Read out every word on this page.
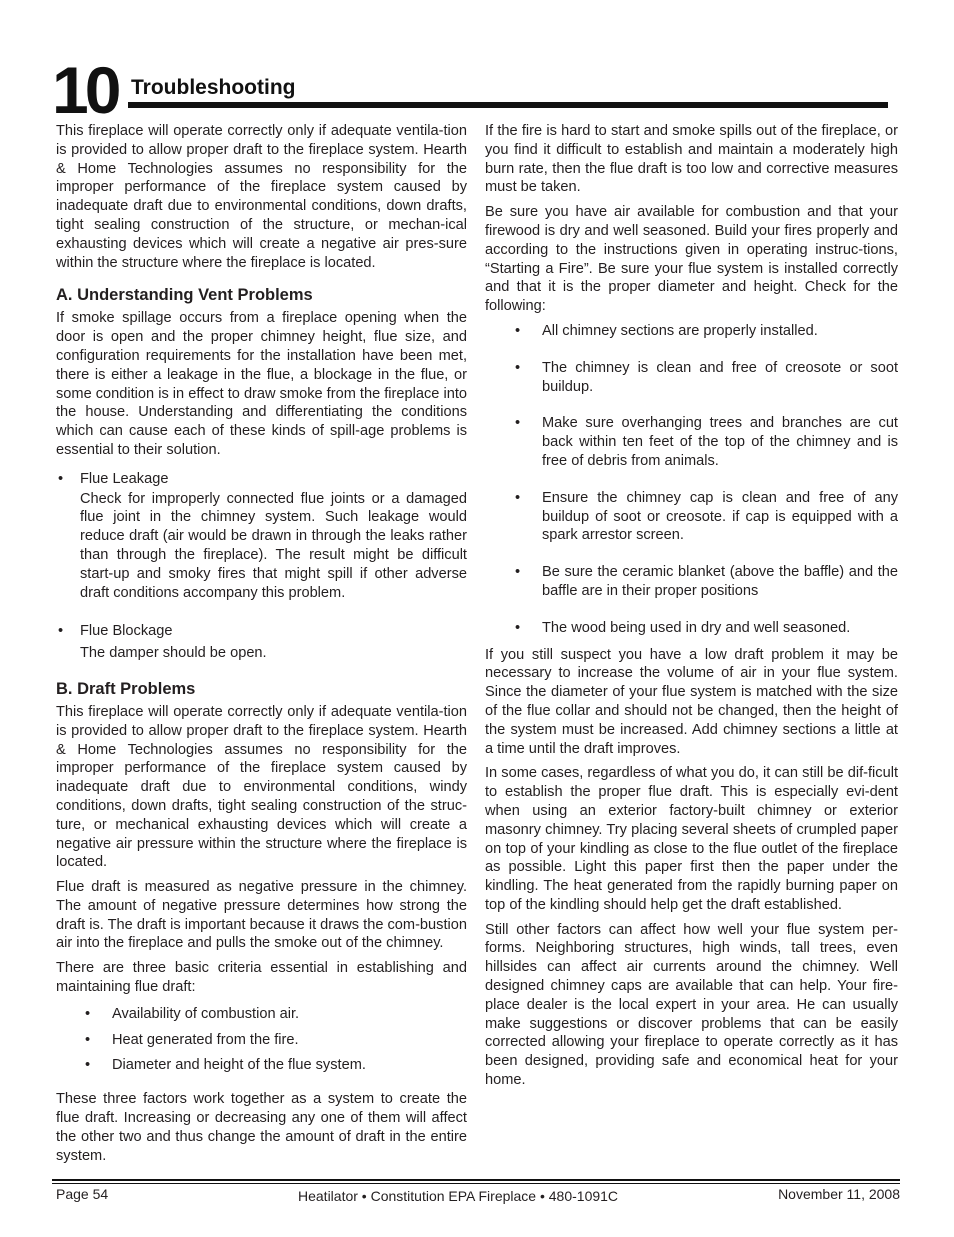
10 Troubleshooting

This fireplace will operate correctly only if adequate ventila-tion is provided to allow proper draft to the fireplace system. Hearth & Home Technologies assumes no responsibility for the improper performance of the fireplace system caused by inadequate draft due to environmental conditions, down drafts, tight sealing construction of the structure, or mechan-ical exhausting devices which will create a negative air pres-sure within the structure where the fireplace is located.

A. Understanding Vent Problems

If smoke spillage occurs from a fireplace opening when the door is open and the proper chimney height, flue size, and configuration requirements for the installation have been met, there is either a leakage in the flue, a blockage in the flue, or some condition is in effect to draw smoke from the fireplace into the house. Understanding and differentiating the conditions which can cause each of these kinds of spill-age problems is essential to their solution.

• Flue Leakage
Check for improperly connected flue joints or a damaged flue joint in the chimney system. Such leakage would reduce draft (air would be drawn in through the leaks rather than through the fireplace). The result might be difficult start-up and smoky fires that might spill if other adverse draft conditions accompany this problem.
• Flue Blockage
The damper should be open.
B. Draft Problems

This fireplace will operate correctly only if adequate ventila-tion is provided to allow proper draft to the fireplace system. Hearth & Home Technologies assumes no responsibility for the improper performance of the fireplace system caused by inadequate draft due to environmental conditions, windy conditions, down drafts, tight sealing construction of the struc-ture, or mechanical exhausting devices which will create a negative air pressure within the structure where the fireplace is located.

Flue draft is measured as negative pressure in the chimney. The amount of negative pressure determines how strong the draft is. The draft is important because it draws the com-bustion air into the fireplace and pulls the smoke out of the chimney.

There are three basic criteria essential in establishing and maintaining flue draft:

• Availability of combustion air.
• Heat generated from the fire.
• Diameter and height of the flue system.

These three factors work together as a system to create the flue draft. Increasing or decreasing any one of them will affect the other two and thus change the amount of draft in the entire system.

If the fire is hard to start and smoke spills out of the fireplace, or you find it difficult to establish and maintain a moderately high burn rate, then the flue draft is too low and corrective measures must be taken.

Be sure you have air available for combustion and that your firewood is dry and well seasoned. Build your fires properly and according to the instructions given in operating instruc-tions, “Starting a Fire”. Be sure your flue system is installed correctly and that it is the proper diameter and height. Check for the following:

• All chimney sections are properly installed.
• The chimney is clean and free of creosote or soot buildup.
• Make sure overhanging trees and branches are cut back within ten feet of the top of the chimney and is free of debris from animals.
• Ensure the chimney cap is clean and free of any buildup of soot or creosote. if cap is equipped with a spark arrestor screen.
• Be sure the ceramic blanket (above the baffle) and the baffle are in their proper positions
• The wood being used in dry and well seasoned.

If you still suspect you have a low draft problem it may be necessary to increase the volume of air in your flue system. Since the diameter of your flue system is matched with the size of the flue collar and should not be changed, then the height of the system must be increased. Add chimney sections a little at a time until the draft improves.

In some cases, regardless of what you do, it can still be dif-ficult to establish the proper flue draft. This is especially evi-dent when using an exterior factory-built chimney or exterior masonry chimney. Try placing several sheets of crumpled paper on top of your kindling as close to the flue outlet of the fireplace as possible. Light this paper first then the paper under the kindling. The heat generated from the rapidly burning paper on top of the kindling should help get the draft established.

Still other factors can affect how well your flue system per-forms. Neighboring structures, high winds, tall trees, even hillsides can affect air currents around the chimney. Well designed chimney caps are available that can help. Your fire-place dealer is the local expert in your area. He can usually make suggestions or discover problems that can be easily corrected allowing your fireplace to operate correctly as it has been designed, providing safe and economical heat for your home.

Page 54	Heatilator • Constitution EPA Fireplace • 480-1091C	November 11, 2008
